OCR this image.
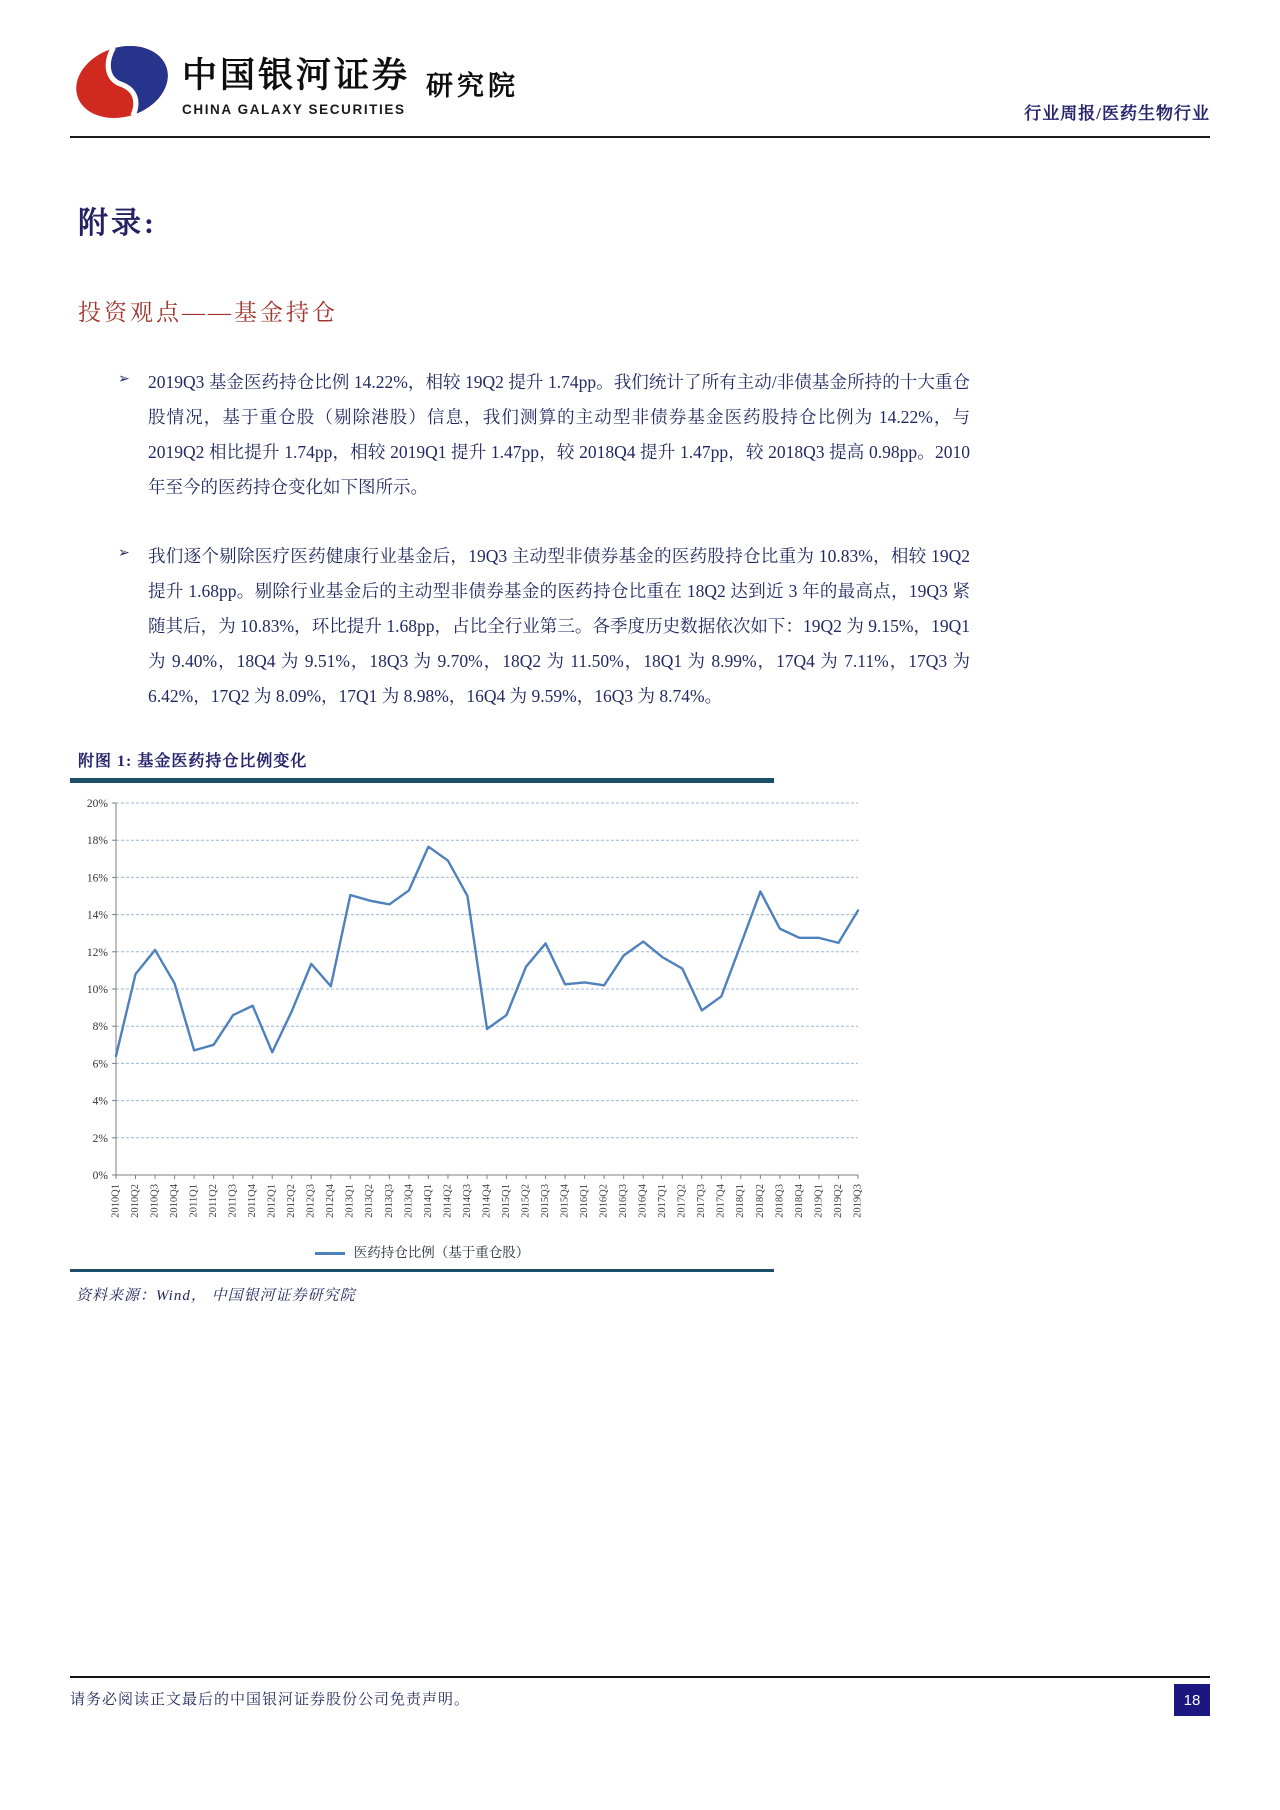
中国银河证券
CHINA GALAXY SECURITIES
研究院
行业周报/医药生物行业
附录:
投资观点——基金持仓
➢	2019Q3 基金医药持仓比例 14.22%，相较 19Q2 提升 1.74pp。我们统计了所有主动/非债基金所持的十大重仓股情况，基于重仓股（剔除港股）信息，我们测算的主动型非债券基金医药股持仓比例为 14.22%，与 2019Q2 相比提升 1.74pp，相较 2019Q1 提升 1.47pp，较 2018Q4 提升 1.47pp，较 2018Q3 提高 0.98pp。2010 年至今的医药持仓变化如下图所示。

➢	我们逐个剔除医疗医药健康行业基金后，19Q3 主动型非债券基金的医药股持仓比重为 10.83%，相较 19Q2 提升 1.68pp。剔除行业基金后的主动型非债券基金的医药持仓比重在 18Q2 达到近 3 年的最高点，19Q3 紧随其后，为 10.83%，环比提升 1.68pp，占比全行业第三。各季度历史数据依次如下：19Q2 为 9.15%，19Q1 为 9.40%，18Q4 为 9.51%，18Q3 为 9.70%，18Q2 为 11.50%，18Q1 为 8.99%，17Q4 为 7.11%，17Q3 为 6.42%，17Q2 为 8.09%，17Q1 为 8.98%，16Q4 为 9.59%，16Q3 为 8.74%。

附图 1: 基金医药持仓比例变化
0%
2%
4%
6%
8%
10%
12%
14%
16%
18%
20%
2010Q1 2010Q2 2010Q3 2010Q4 2011Q1 2011Q2 2011Q3 2011Q4 2012Q1 2012Q2 2012Q3 2012Q4 2013Q1 2013Q2 2013Q3 2013Q4 2014Q1 2014Q2 2014Q3 2014Q4 2015Q1 2015Q2 2015Q3 2015Q4 2016Q1 2016Q2 2016Q3 2016Q4 2017Q1 2017Q2 2017Q3 2017Q4 2018Q1 2018Q2 2018Q3 2018Q4 2019Q1 2019Q2 2019Q3
医药持仓比例（基于重仓股）
资料来源：Wind， 中国银河证券研究院
请务必阅读正文最后的中国银河证券股份公司免责声明。	18
